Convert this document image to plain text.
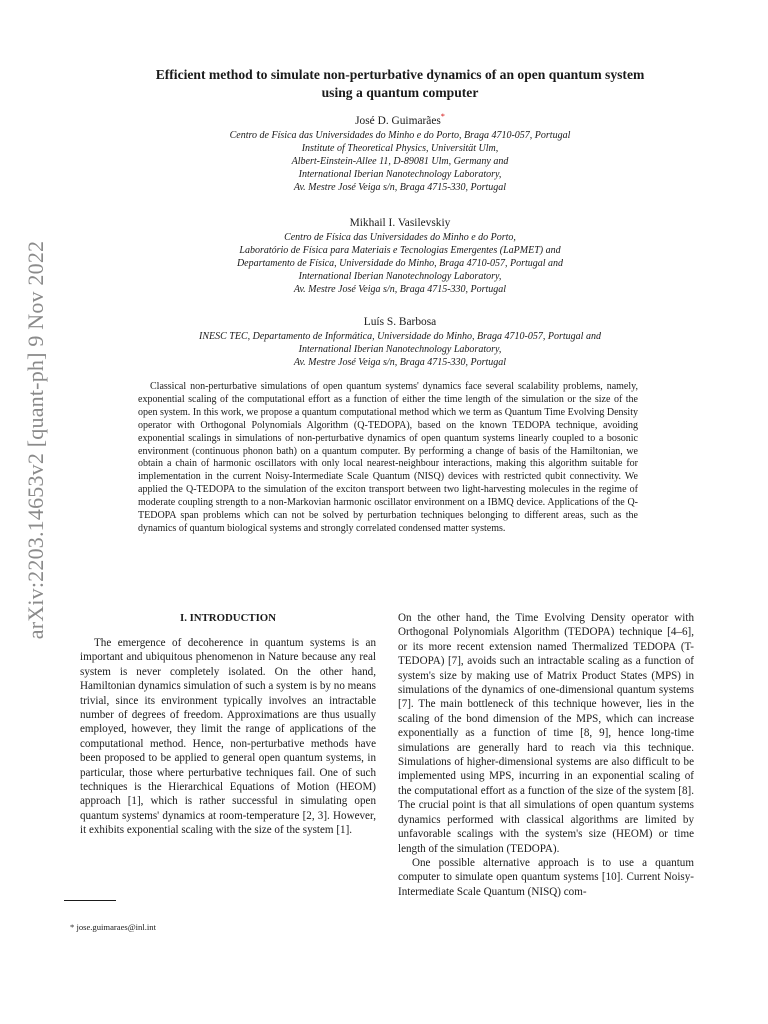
arXiv:2203.14653v2 [quant-ph] 9 Nov 2022
Efficient method to simulate non-perturbative dynamics of an open quantum system
using a quantum computer
José D. Guimarães*
Centro de Física das Universidades do Minho e do Porto, Braga 4710-057, Portugal
Institute of Theoretical Physics, Universität Ulm,
Albert-Einstein-Allee 11, D-89081 Ulm, Germany and
International Iberian Nanotechnology Laboratory,
Av. Mestre José Veiga s/n, Braga 4715-330, Portugal
Mikhail I. Vasilevskiy
Centro de Física das Universidades do Minho e do Porto,
Laboratório de Física para Materiais e Tecnologias Emergentes (LaPMET) and
Departamento de Física, Universidade do Minho, Braga 4710-057, Portugal and
International Iberian Nanotechnology Laboratory,
Av. Mestre José Veiga s/n, Braga 4715-330, Portugal
Luís S. Barbosa
INESC TEC, Departamento de Informática, Universidade do Minho, Braga 4710-057, Portugal and
International Iberian Nanotechnology Laboratory,
Av. Mestre José Veiga s/n, Braga 4715-330, Portugal
Classical non-perturbative simulations of open quantum systems' dynamics face several scalability problems, namely, exponential scaling of the computational effort as a function of either the time length of the simulation or the size of the open system. In this work, we propose a quantum computational method which we term as Quantum Time Evolving Density operator with Orthogonal Polynomials Algorithm (Q-TEDOPA), based on the known TEDOPA technique, avoiding exponential scalings in simulations of non-perturbative dynamics of open quantum systems linearly coupled to a bosonic environment (continuous phonon bath) on a quantum computer. By performing a change of basis of the Hamiltonian, we obtain a chain of harmonic oscillators with only local nearest-neighbour interactions, making this algorithm suitable for implementation in the current Noisy-Intermediate Scale Quantum (NISQ) devices with restricted qubit connectivity. We applied the Q-TEDOPA to the simulation of the exciton transport between two light-harvesting molecules in the regime of moderate coupling strength to a non-Markovian harmonic oscillator environment on a IBMQ device. Applications of the Q-TEDOPA span problems which can not be solved by perturbation techniques belonging to different areas, such as the dynamics of quantum biological systems and strongly correlated condensed matter systems.
I. INTRODUCTION
The emergence of decoherence in quantum systems is an important and ubiquitous phenomenon in Nature because any real system is never completely isolated. On the other hand, Hamiltonian dynamics simulation of such a system is by no means trivial, since its environment typically involves an intractable number of degrees of freedom. Approximations are thus usually employed, however, they limit the range of applications of the computational method. Hence, non-perturbative methods have been proposed to be applied to general open quantum systems, in particular, those where perturbative techniques fail. One of such techniques is the Hierarchical Equations of Motion (HEOM) approach [1], which is rather successful in simulating open quantum systems' dynamics at room-temperature [2, 3]. However, it exhibits exponential scaling with the size of the system [1].
On the other hand, the Time Evolving Density operator with Orthogonal Polynomials Algorithm (TEDOPA) technique [4–6], or its more recent extension named Thermalized TEDOPA (T-TEDOPA) [7], avoids such an intractable scaling as a function of system's size by making use of Matrix Product States (MPS) in simulations of the dynamics of one-dimensional quantum systems [7]. The main bottleneck of this technique however, lies in the scaling of the bond dimension of the MPS, which can increase exponentially as a function of time [8, 9], hence long-time simulations are generally hard to reach via this technique. Simulations of higher-dimensional systems are also difficult to be implemented using MPS, incurring in an exponential scaling of the computational effort as a function of the size of the system [8]. The crucial point is that all simulations of open quantum systems dynamics performed with classical algorithms are limited by unfavorable scalings with the system's size (HEOM) or time length of the simulation (TEDOPA).
One possible alternative approach is to use a quantum computer to simulate open quantum systems [10]. Current Noisy-Intermediate Scale Quantum (NISQ) com-
* jose.guimaraes@inl.int
